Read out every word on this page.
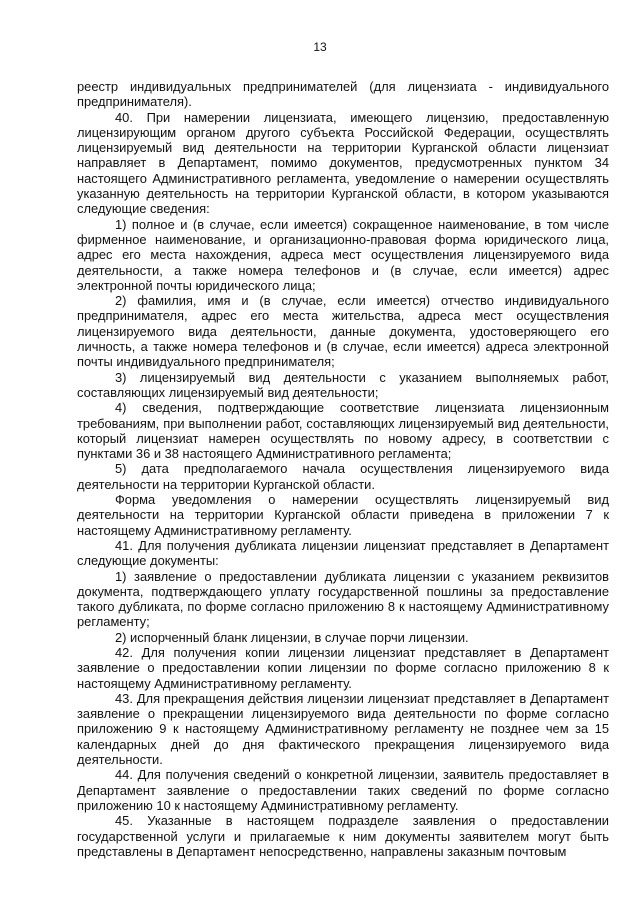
13

реестр индивидуальных предпринимателей (для лицензиата - индивидуального предпринимателя).

40. При намерении лицензиата, имеющего лицензию, предоставленную лицензирующим органом другого субъекта Российской Федерации, осуществлять лицензируемый вид деятельности на территории Курганской области лицензиат направляет в Департамент, помимо документов, предусмотренных пунктом 34 настоящего Административного регламента, уведомление о намерении осуществлять указанную деятельность на территории Курганской области, в котором указываются следующие сведения:

1) полное и (в случае, если имеется) сокращенное наименование, в том числе фирменное наименование, и организационно-правовая форма юридического лица, адрес его места нахождения, адреса мест осуществления лицензируемого вида деятельности, а также номера телефонов и (в случае, если имеется) адрес электронной почты юридического лица;

2) фамилия, имя и (в случае, если имеется) отчество индивидуального предпринимателя, адрес его места жительства, адреса мест осуществления лицензируемого вида деятельности, данные документа, удостоверяющего его личность, а также номера телефонов и (в случае, если имеется) адреса электронной почты индивидуального предпринимателя;

3) лицензируемый вид деятельности с указанием выполняемых работ, составляющих лицензируемый вид деятельности;

4) сведения, подтверждающие соответствие лицензиата лицензионным требованиям, при выполнении работ, составляющих лицензируемый вид деятельности, который лицензиат намерен осуществлять по новому адресу, в соответствии с пунктами 36 и 38 настоящего Административного регламента;

5) дата предполагаемого начала осуществления лицензируемого вида деятельности на территории Курганской области.

Форма уведомления о намерении осуществлять лицензируемый вид деятельности на территории Курганской области приведена в приложении 7 к настоящему Административному регламенту.

41. Для получения дубликата лицензии лицензиат представляет в Департамент следующие документы:

1) заявление о предоставлении дубликата лицензии с указанием реквизитов документа, подтверждающего уплату государственной пошлины за предоставление такого дубликата, по форме согласно приложению 8 к настоящему Административному регламенту;

2) испорченный бланк лицензии, в случае порчи лицензии.

42. Для получения копии лицензии лицензиат представляет в Департамент заявление о предоставлении копии лицензии по форме согласно приложению 8 к настоящему Административному регламенту.

43. Для прекращения действия лицензии лицензиат представляет в Департамент заявление о прекращении лицензируемого вида деятельности по форме согласно приложению 9 к настоящему Административному регламенту не позднее чем за 15 календарных дней до дня фактического прекращения лицензируемого вида деятельности.

44. Для получения сведений о конкретной лицензии, заявитель предоставляет в Департамент заявление о предоставлении таких сведений по форме согласно приложению 10 к настоящему Административному регламенту.

45. Указанные в настоящем подразделе заявления о предоставлении государственной услуги и прилагаемые к ним документы заявителем могут быть представлены в Департамент непосредственно, направлены заказным почтовым
